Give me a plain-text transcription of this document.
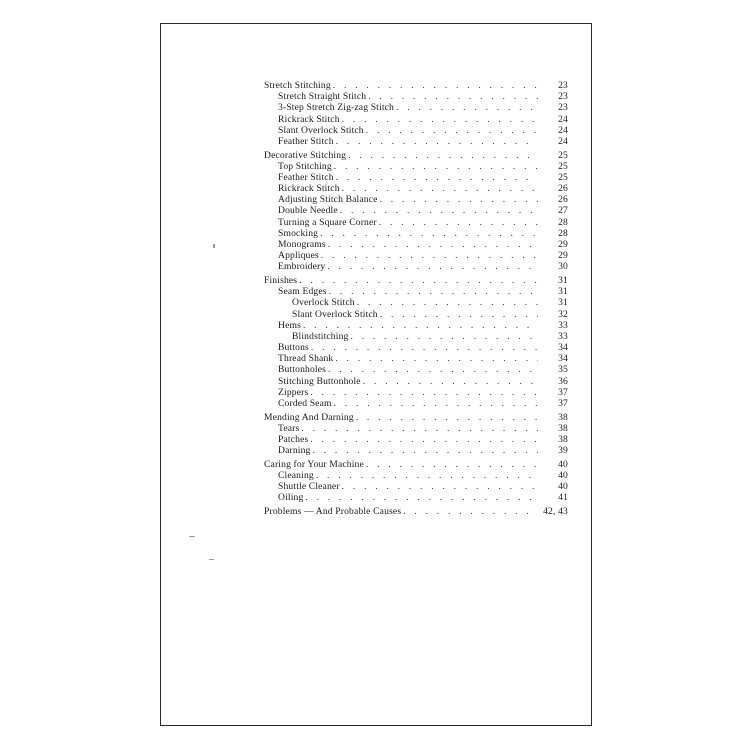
Stretch Stitching . . .	23
Stretch Straight Stitch . . .	23
3-Step Stretch Zig-zag Stitch . . .	23
Rickrack Stitch . . .	24
Slant Overlock Stitch . . .	24
Feather Stitch . . .	24
Decorative Stitching . . .	25
Top Stitching . . .	25
Feather Stitch . . .	25
Rickrack Stitch . . .	26
Adjusting Stitch Balance . . .	26
Double Needle . . .	27
Turning a Square Corner . . .	28
Smocking . . .	28
Monograms . . .	29
Appliques . . .	29
Embroidery . . .	30
Finishes . . .	31
Seam Edges . . .	31
Overlock Stitch . . .	31
Slant Overlock Stitch . . .	32
Hems . . .	33
Blindstitching . . .	33
Buttons . . .	34
Thread Shank . . .	34
Buttonholes . . .	35
Stitching Buttonhole . . .	36
Zippers . . .	37
Corded Seam . . .	37
Mending And Darning . . .	38
Tears . . .	38
Patches . . .	38
Darning . . .	39
Caring for Your Machine . . .	40
Cleaning . . .	40
Shuttle Cleaner . . .	40
Oiling . . .	41
Problems — And Probable Causes . . .	42, 43
